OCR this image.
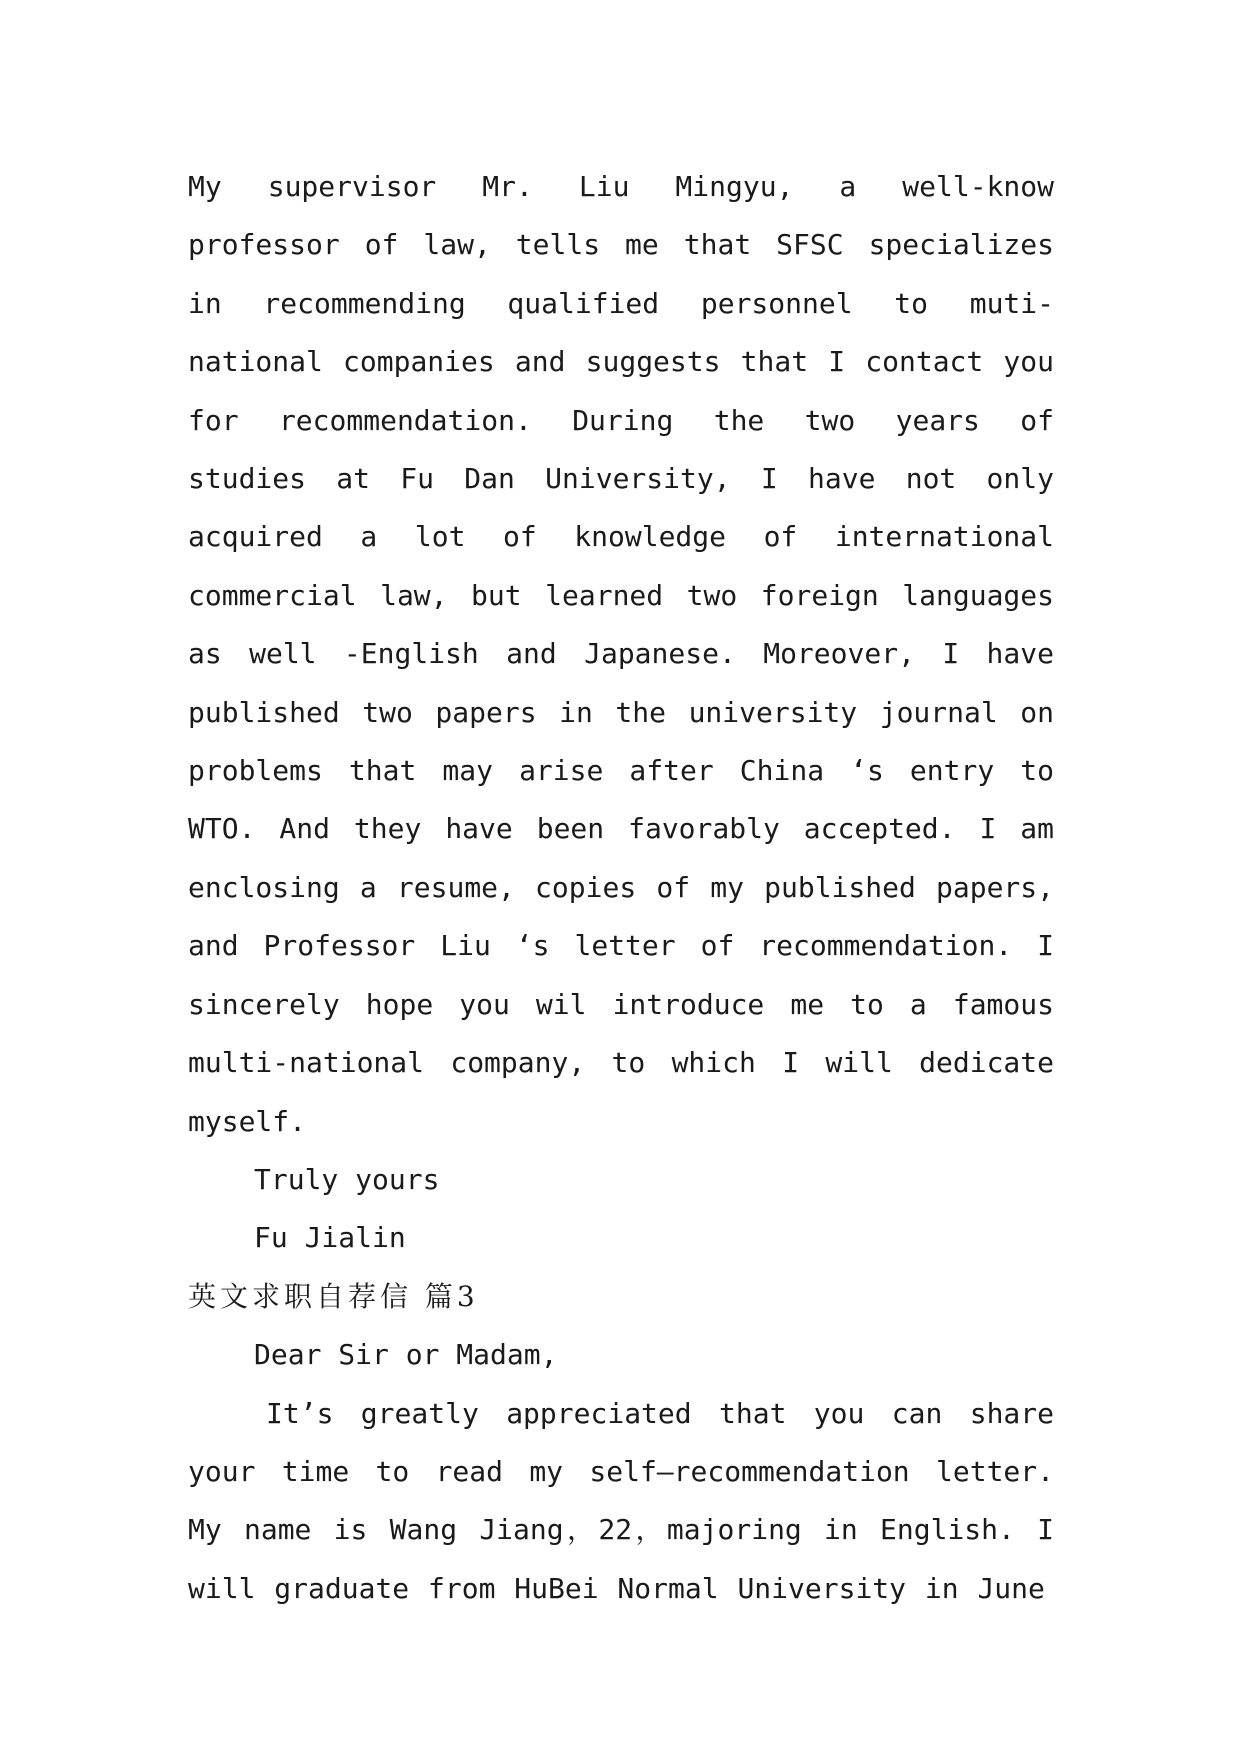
My supervisor Mr. Liu Mingyu, a well-know professor of law, tells me that SFSC specializes in recommending qualified personnel to muti-national companies and suggests that I contact you for recommendation. During the two years of studies at Fu Dan University, I have not only acquired a lot of knowledge of international commercial law, but learned two foreign languages as well -English and Japanese. Moreover, I have published two papers in the university journal on problems that may arise after China ‘s entry to WTO. And they have been favorably accepted. I am enclosing a resume, copies of my published papers, and Professor Liu ‘s letter of recommendation. I sincerely hope you wil introduce me to a famous multi-national company, to which I will dedicate myself.

Truly yours

Fu Jialin

英文求职自荐信 篇3

Dear Sir or Madam,

It’s greatly appreciated that you can share your time to read my self—recommendation letter. My name is Wang Jiang，22，majoring in English. I will graduate from HuBei Normal University in June
